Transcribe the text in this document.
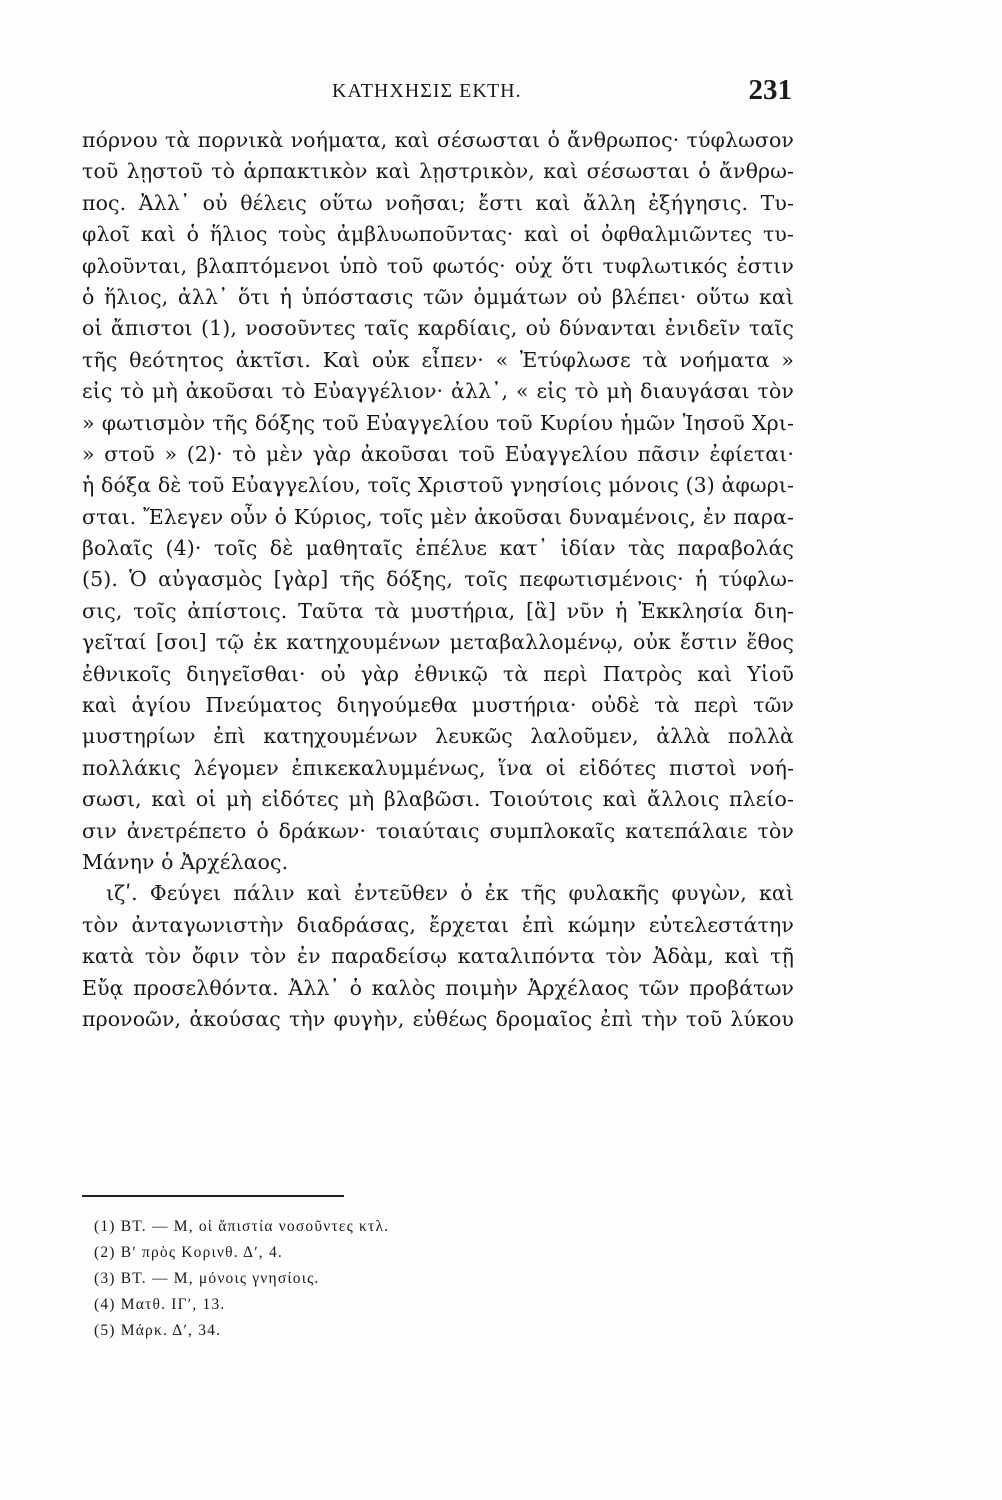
ΚΑΤΗΧΗΣΙΣ ΕΚΤΗ.	231
πόρνου τὰ πορνικὰ νοήματα, καὶ σέσωσται ὁ ἄνθρωπος· τύφλωσον
τοῦ λῃστοῦ τὸ ἁρπακτικὸν καὶ λῃστρικὸν, καὶ σέσωσται ὁ ἄνθρω-
πος. Ἀλλ᾽ οὐ θέλεις οὕτω νοῆσαι; ἔστι καὶ ἄλλη ἐξήγησις. Τυ-
φλοῖ καὶ ὁ ἥλιος τοὺς ἀμβλυωποῦντας· καὶ οἱ ὀφθαλμιῶντες τυ-
φλοῦνται, βλαπτόμενοι ὑπὸ τοῦ φωτός· οὐχ ὅτι τυφλωτικός ἐστιν
ὁ ἥλιος, ἀλλ᾽ ὅτι ἡ ὑπόστασις τῶν ὀμμάτων οὐ βλέπει· οὕτω καὶ
οἱ ἄπιστοι (1), νοσοῦντες ταῖς καρδίαις, οὐ δύνανται ἐνιδεῖν ταῖς
τῆς θεότητος ἀκτῖσι. Καὶ οὐκ εἶπεν· « Ἐτύφλωσε τὰ νοήματα »
εἰς τὸ μὴ ἀκοῦσαι τὸ Εὐαγγέλιον· ἀλλ᾽, « εἰς τὸ μὴ διαυγάσαι τὸν
» φωτισμὸν τῆς δόξης τοῦ Εὐαγγελίου τοῦ Κυρίου ἡμῶν Ἰησοῦ Χρι-
» στοῦ » (2)· τὸ μὲν γὰρ ἀκοῦσαι τοῦ Εὐαγγελίου πᾶσιν ἐφίεται·
ἡ δόξα δὲ τοῦ Εὐαγγελίου, τοῖς Χριστοῦ γνησίοις μόνοις (3) ἀφωρι-
σται. Ἔλεγεν οὖν ὁ Κύριος, τοῖς μὲν ἀκοῦσαι δυναμένοις, ἐν παρα-
βολαῖς (4)· τοῖς δὲ μαθηταῖς ἐπέλυε κατ᾽ ἰδίαν τὰς παραβολάς
(5). Ὁ αὐγασμὸς [γὰρ] τῆς δόξης, τοῖς πεφωτισμένοις· ἡ τύφλω-
σις, τοῖς ἀπίστοις. Ταῦτα τὰ μυστήρια, [ἃ] νῦν ἡ Ἐκκλησία διη-
γεῖταί [σοι] τῷ ἐκ κατηχουμένων μεταβαλλομένῳ, οὐκ ἔστιν ἔθος
ἐθνικοῖς διηγεῖσθαι· οὐ γὰρ ἐθνικῷ τὰ περὶ Πατρὸς καὶ Υἱοῦ
καὶ ἁγίου Πνεύματος διηγούμεθα μυστήρια· οὐδὲ τὰ περὶ τῶν
μυστηρίων ἐπὶ κατηχουμένων λευκῶς λαλοῦμεν, ἀλλὰ πολλὰ
πολλάκις λέγομεν ἐπικεκαλυμμένως, ἵνα οἱ εἰδότες πιστοὶ νοή-
σωσι, καὶ οἱ μὴ εἰδότες μὴ βλαβῶσι. Τοιούτοις καὶ ἄλλοις πλείο-
σιν ἀνετρέπετο ὁ δράκων· τοιαύταις συμπλοκαῖς κατεπάλαιε τὸν
Μάνην ὁ Ἀρχέλαος.
ιζʹ. Φεύγει πάλιν καὶ ἐντεῦθεν ὁ ἐκ τῆς φυλακῆς φυγὼν, καὶ
τὸν ἀνταγωνιστὴν διαδράσας, ἔρχεται ἐπὶ κώμην εὐτελεστάτην
κατὰ τὸν ὄφιν τὸν ἐν παραδείσῳ καταλιπόντα τὸν Ἀδὰμ, καὶ τῇ
Εὔᾳ προσελθόντα. Ἀλλ᾽ ὁ καλὸς ποιμὴν Ἀρχέλαος τῶν προβάτων
προνοῶν, ἀκούσας τὴν φυγὴν, εὐθέως δρομαῖος ἐπὶ τὴν τοῦ λύκου
(1) ΒΤ. — Μ, οἱ ἄπιστία νοσοῦντες κτλ.
(2) Βʹ πρὸς Κορινθ. Δʹ, 4.
(3) ΒΤ. — Μ, μόνοις γνησίοις.
(4) Ματθ. ΙΓʹ, 13.
(5) Μάρκ. Δʹ, 34.
